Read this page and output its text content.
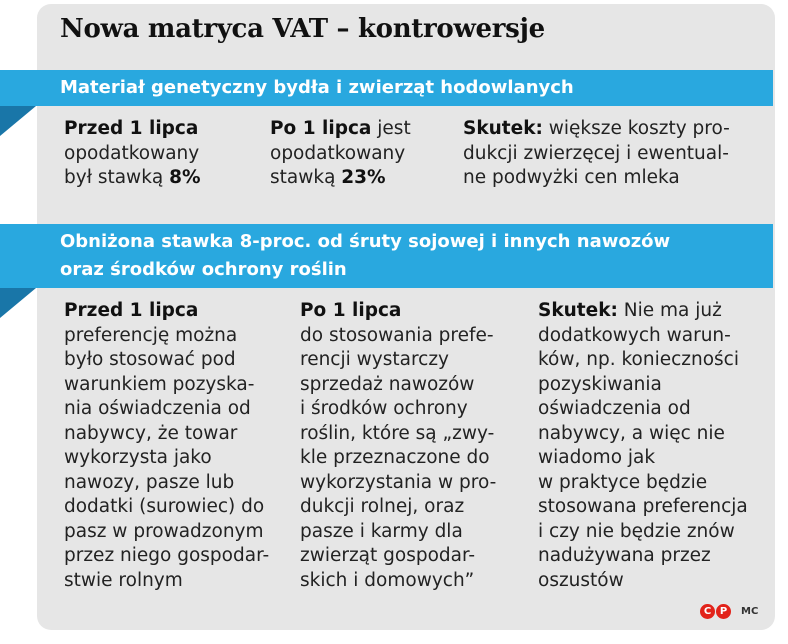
Nowa matryca VAT – kontrowersje
Materiał genetyczny bydła i zwierząt hodowlanych
Przed 1 lipca
opodatkowany
był stawką 8%
Po 1 lipca jest
opodatkowany
stawką 23%
Skutek: większe koszty pro-
dukcji zwierzęcej i ewentual-
ne podwyżki cen mleka
Obniżona stawka 8-proc. od śruty sojowej i innych nawozów
oraz środków ochrony roślin
Przed 1 lipca
preferencję można
było stosować pod
warunkiem pozyska-
nia oświadczenia od
nabywcy, że towar
wykorzysta jako
nawozy, pasze lub
dodatki (surowiec) do
pasz w prowadzonym
przez niego gospodar-
stwie rolnym
Po 1 lipca
do stosowania prefe-
rencji wystarczy
sprzedaż nawozów
i środków ochrony
roślin, które są „zwy-
kle przeznaczone do
wykorzystania w pro-
dukcji rolnej, oraz
pasze i karmy dla
zwierząt gospodar-
skich i domowych”
Skutek: Nie ma już
dodatkowych warun-
ków, np. konieczności
pozyskiwania
oświadczenia od
nabywcy, a więc nie
wiadomo jak
w praktyce będzie
stosowana preferencja
i czy nie będzie znów
nadużywana przez
oszustów
C P	MC
